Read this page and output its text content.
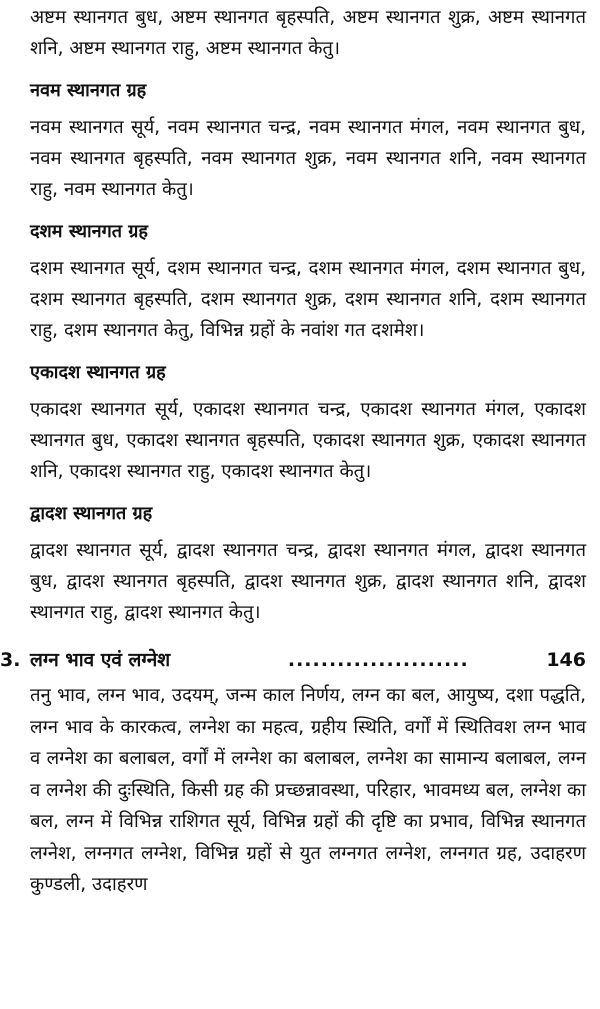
अष्टम स्थानगत बुध, अष्टम स्थानगत बृहस्पति, अष्टम स्थानगत शुक्र, अष्टम स्थानगत शनि, अष्टम स्थानगत राहु, अष्टम स्थानगत केतु।

नवम स्थानगत ग्रह

नवम स्थानगत सूर्य, नवम स्थानगत चन्द्र, नवम स्थानगत मंगल, नवम स्थानगत बुध, नवम स्थानगत बृहस्पति, नवम स्थानगत शुक्र, नवम स्थानगत शनि, नवम स्थानगत राहु, नवम स्थानगत केतु।

दशम स्थानगत ग्रह

दशम स्थानगत सूर्य, दशम स्थानगत चन्द्र, दशम स्थानगत मंगल, दशम स्थानगत बुध, दशम स्थानगत बृहस्पति, दशम स्थानगत शुक्र, दशम स्थानगत शनि, दशम स्थानगत राहु, दशम स्थानगत केतु, विभिन्न ग्रहों के नवांश गत दशमेश।

एकादश स्थानगत ग्रह

एकादश स्थानगत सूर्य, एकादश स्थानगत चन्द्र, एकादश स्थानगत मंगल, एकादश स्थानगत बुध, एकादश स्थानगत बृहस्पति, एकादश स्थानगत शुक्र, एकादश स्थानगत शनि, एकादश स्थानगत राहु, एकादश स्थानगत केतु।

द्वादश स्थानगत ग्रह

द्वादश स्थानगत सूर्य, द्वादश स्थानगत चन्द्र, द्वादश स्थानगत मंगल, द्वादश स्थानगत बुध, द्वादश स्थानगत बृहस्पति, द्वादश स्थानगत शुक्र, द्वादश स्थानगत शनि, द्वादश स्थानगत राहु, द्वादश स्थानगत केतु।

3. लग्न भाव एवं लग्नेश	......................	146

तनु भाव, लग्न भाव, उदयम्, जन्म काल निर्णय, लग्न का बल, आयुष्य, दशा पद्धति, लग्न भाव के कारकत्व, लग्नेश का महत्व, ग्रहीय स्थिति, वर्गों में स्थितिवश लग्न भाव व लग्नेश का बलाबल, वर्गों में लग्नेश का बलाबल, लग्नेश का सामान्य बलाबल, लग्न व लग्नेश की दुःस्थिति, किसी ग्रह की प्रच्छन्नावस्था, परिहार, भावमध्य बल, लग्नेश का बल, लग्न में विभिन्न राशिगत सूर्य, विभिन्न ग्रहों की दृष्टि का प्रभाव, विभिन्न स्थानगत लग्नेश, लग्नगत लग्नेश, विभिन्न ग्रहों से युत लग्नगत लग्नेश, लग्नगत ग्रह, उदाहरण कुण्डली, उदाहरण
